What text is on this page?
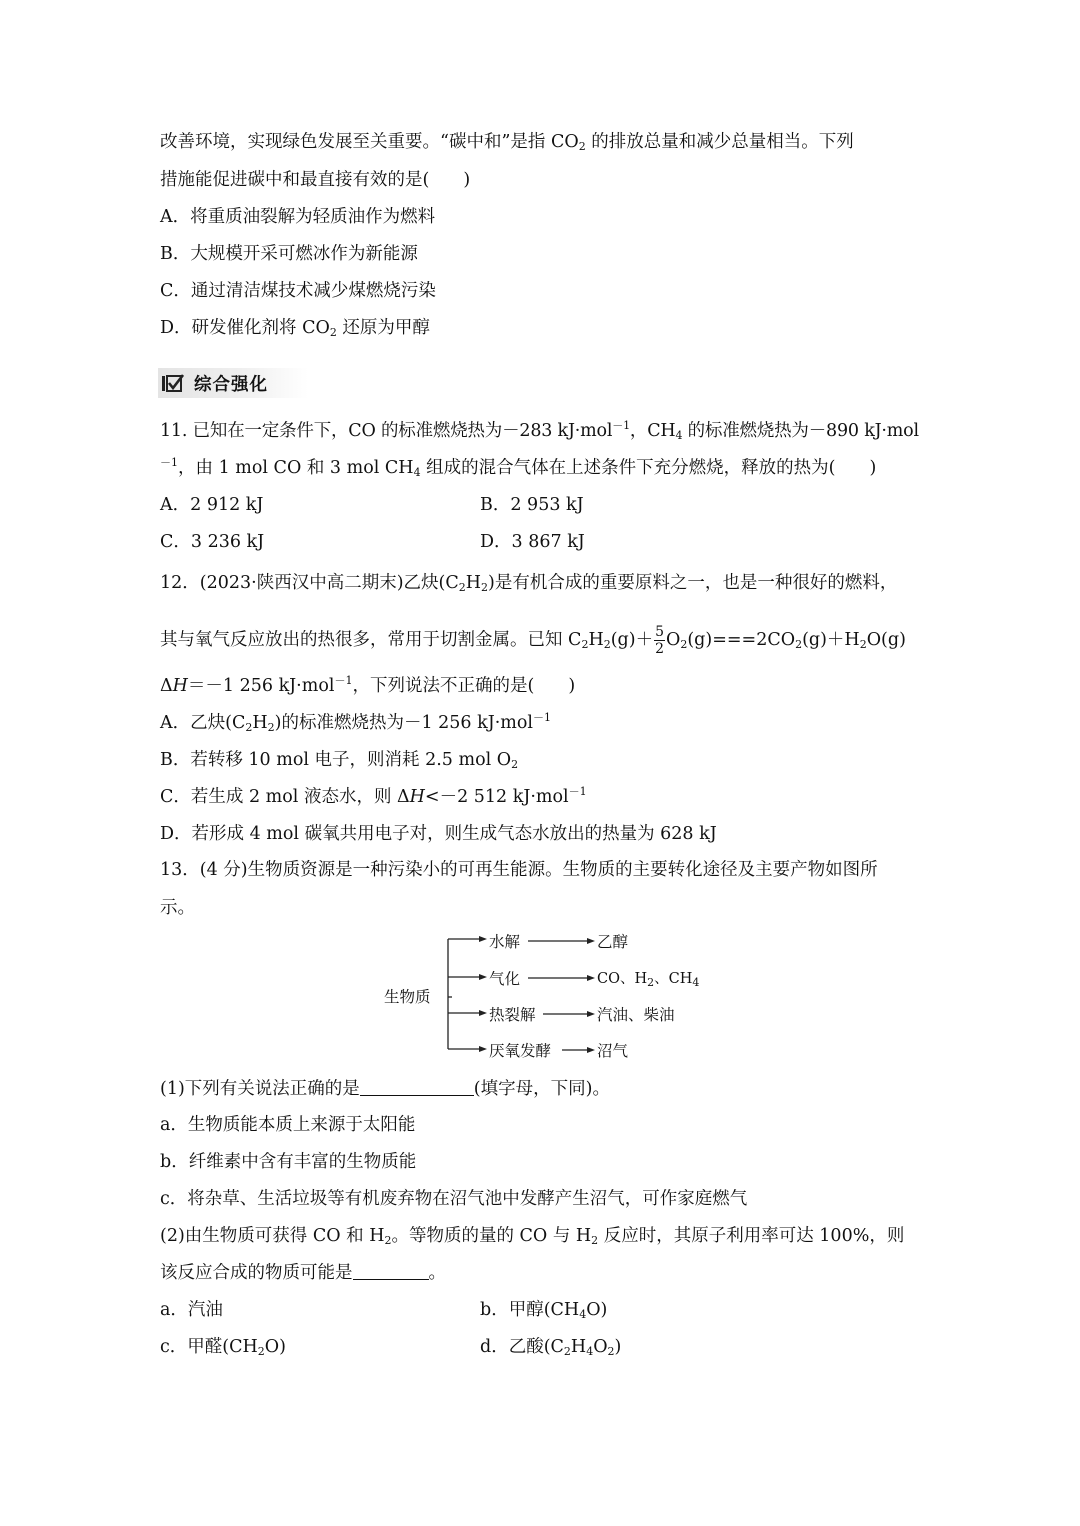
改善环境，实现绿色发展至关重要。“碳中和”是指 $CO_2$ 的排放总量和减少总量相当。下列
措施能促进碳中和最直接有效的是( )
A．将重质油裂解为轻质油作为燃料
B．大规模开采可燃冰作为新能源
C．通过清洁煤技术减少煤燃烧污染
D．研发催化剂将 $CO_2$ 还原为甲醇
综合强化
11. 已知在一定条件下，CO 的标准燃烧热为－283 kJ·mol$^{-1}$，$CH_4$ 的标准燃烧热为－890 kJ·mol
$^{-1}$，由 1 mol CO 和 3 mol $CH_4$ 组成的混合气体在上述条件下充分燃烧，释放的热为( )
A．2 912 kJ	B．2 953 kJ
C．3 236 kJ	D．3 867 kJ
12．(2023·陕西汉中高二期末)乙炔$(C_2H_2)$是有机合成的重要原料之一，也是一种很好的燃料，
其与氧气反应放出的热很多，常用于切割金属。已知 $C_2H_2(g)+ \frac{5}{2} O_2(g)===2CO_2(g)+H_2O(g)$
ΔH＝－1 256 kJ·mol$^{-1}$，下列说法不正确的是( )
A．乙炔$(C_2H_2)$的标准燃烧热为－1 256 kJ·mol$^{-1}$
B．若转移 10 mol 电子，则消耗 2.5 mol $O_2$
C．若生成 2 mol 液态水，则 ΔH<－2 512 kJ·mol$^{-1}$
D．若形成 4 mol 碳氧共用电子对，则生成气态水放出的热量为 628 kJ
13．(4 分)生物质资源是一种污染小的可再生能源。生物质的主要转化途径及主要产物如图所
示。
生物质
水解	乙醇
气化	CO、$H_2$、$CH_4$
热裂解	汽油、柴油
厌氧发酵	沼气
(1)下列有关说法正确的是	(填字母，下同)。
a．生物质能本质上来源于太阳能
b．纤维素中含有丰富的生物质能
c．将杂草、生活垃圾等有机废弃物在沼气池中发酵产生沼气，可作家庭燃气
(2)由生物质可获得 CO 和 $H_2$。等物质的量的 CO 与 $H_2$ 反应时，其原子利用率可达 100%，则
该反应合成的物质可能是	。
a．汽油	b．甲醇$(CH_4O)$
c．甲醛$(CH_2O)$	d．乙酸$(C_2H_4O_2)$
